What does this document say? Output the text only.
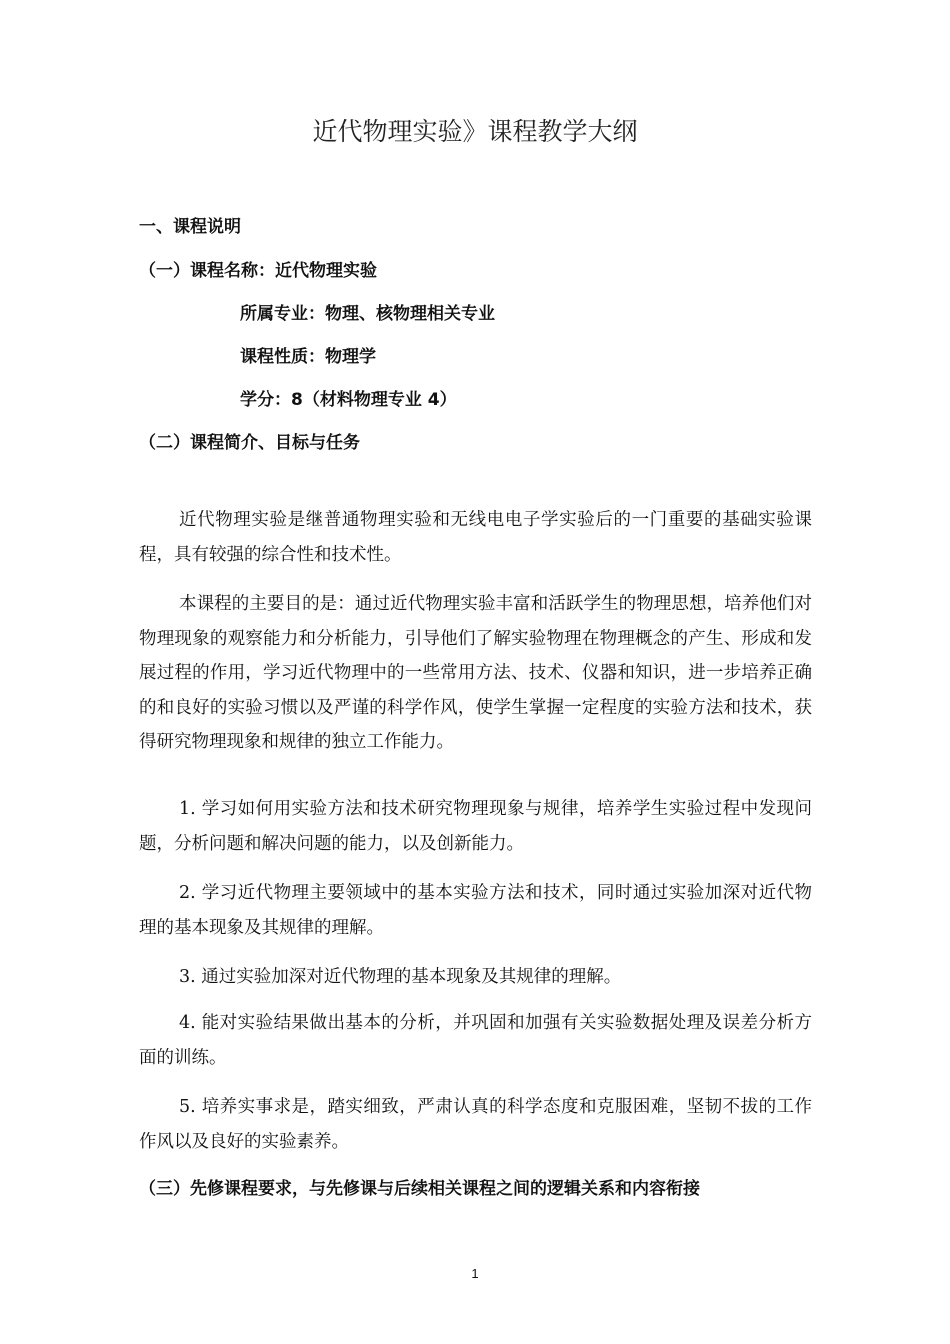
近代物理实验》课程教学大纲
一、课程说明
（一）课程名称：近代物理实验
所属专业：物理、核物理相关专业
课程性质：物理学
学分：8（材料物理专业 4）
（二）课程简介、目标与任务

近代物理实验是继普通物理实验和无线电电子学实验后的一门重要的基础实验课程，具有较强的综合性和技术性。

本课程的主要目的是：通过近代物理实验丰富和活跃学生的物理思想，培养他们对物理现象的观察能力和分析能力，引导他们了解实验物理在物理概念的产生、形成和发展过程的作用，学习近代物理中的一些常用方法、技术、仪器和知识，进一步培养正确的和良好的实验习惯以及严谨的科学作风，使学生掌握一定程度的实验方法和技术，获得研究物理现象和规律的独立工作能力。

1. 学习如何用实验方法和技术研究物理现象与规律，培养学生实验过程中发现问题，分析问题和解决问题的能力，以及创新能力。

2. 学习近代物理主要领域中的基本实验方法和技术，同时通过实验加深对近代物理的基本现象及其规律的理解。

3. 通过实验加深对近代物理的基本现象及其规律的理解。

4. 能对实验结果做出基本的分析，并巩固和加强有关实验数据处理及误差分析方面的训练。

5. 培养实事求是，踏实细致，严肃认真的科学态度和克服困难，坚韧不拔的工作作风以及良好的实验素养。

（三）先修课程要求，与先修课与后续相关课程之间的逻辑关系和内容衔接
1
